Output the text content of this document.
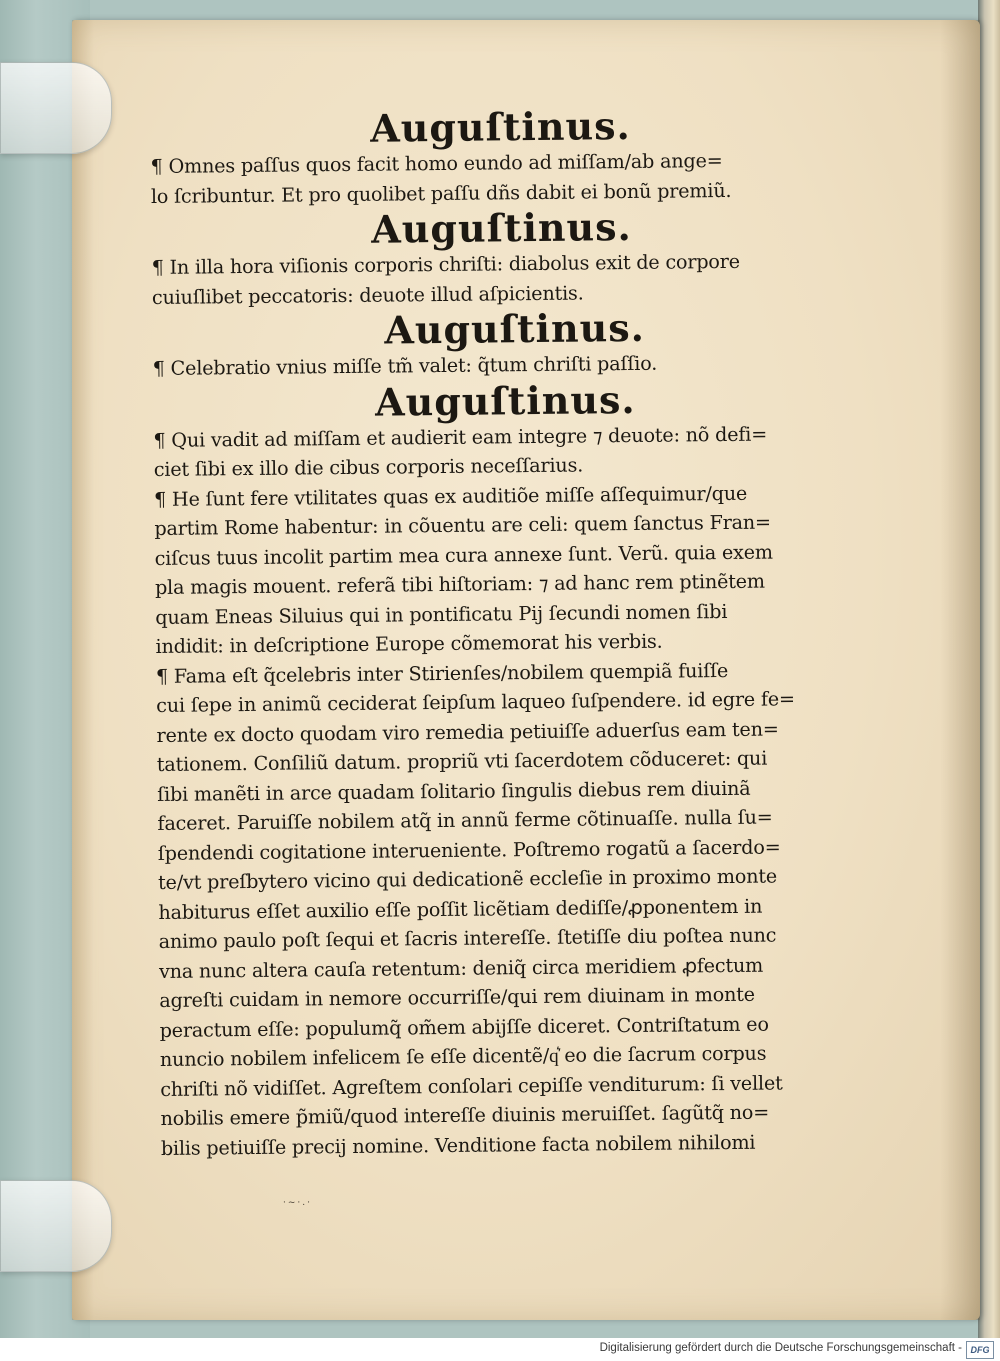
Auguſtinus.

¶ Omnes paſſus quos facit homo eundo ad miſſam/ab ange=

lo ſcribuntur. Et pro quolibet paſſu dñs dabit ei bonũ premiũ.

Auguſtinus.

¶ In illa hora viſionis corporis chriſti: diabolus exit de corpore

cuiuſlibet peccatoris: deuote illud aſpicientis.

Auguſtinus.

¶ Celebratio vnius miſſe tm̃ valet: q̃tum chriſti paſſio.

Auguſtinus.

¶ Qui vadit ad miſſam et audierit eam integre ⁊ deuote: nõ defi=

ciet ſibi ex illo die cibus corporis neceſſarius.

¶ He ſunt fere vtilitates quas ex auditiõe miſſe aſſequimur/que

partim Rome habentur: in cõuentu are celi: quem ſanctus Fran=

ciſcus tuus incolit partim mea cura annexe ſunt. Verũ. quia exem

pla magis mouent. referã tibi hiſtoriam: ⁊ ad hanc rem ptinẽtem

quam Eneas Siluius qui in pontificatu Pij ſecundi nomen ſibi

indidit: in deſcriptione Europe cõmemorat his verbis.

¶ Fama eſt q̃celebris inter Stirienſes/nobilem quempiã fuiſſe

cui ſepe in animũ ceciderat ſeipſum laqueo ſuſpendere. id egre fe=

rente ex docto quodam viro remedia petiuiſſe aduerſus eam ten=

tationem. Conſiliũ datum. propriũ vti ſacerdotem cõduceret: qui

ſibi manẽti in arce quadam ſolitario ſingulis diebus rem diuinã

faceret. Paruiſſe nobilem atq̃ in annũ ferme cõtinuaſſe. nulla ſu=

ſpendendi cogitatione interueniente. Poſtremo rogatũ a ſacerdo=

te/vt preſbytero vicino qui dedicationẽ eccleſie in proximo monte

habiturus eſſet auxilio eſſe poſſit licẽtiam dediſſe/ꝓponentem in

animo paulo poſt ſequi et ſacris intereſſe. ſtetiſſe diu poſtea nunc

vna nunc altera cauſa retentum: deniq̃ circa meridiem ꝓfectum

agreſti cuidam in nemore occurriſſe/qui rem diuinam in monte

peractum eſſe: populumq̃ om̃em abijſſe diceret. Contriſtatum eo

nuncio nobilem infelicem ſe eſſe dicentẽ/q͛ eo die ſacrum corpus

chriſti nõ vidiſſet. Agreſtem conſolari cepiſſe venditurum: ſi vellet

nobilis emere p̃miũ/quod intereſſe diuinis meruiſſet. ſagũtq̃ no=

bilis petiuiſſe precij nomine. Venditione facta nobilem nihilomi

·~·.·
Digitalisierung gefördert durch die Deutsche Forschungsgemeinschaft - DFG
